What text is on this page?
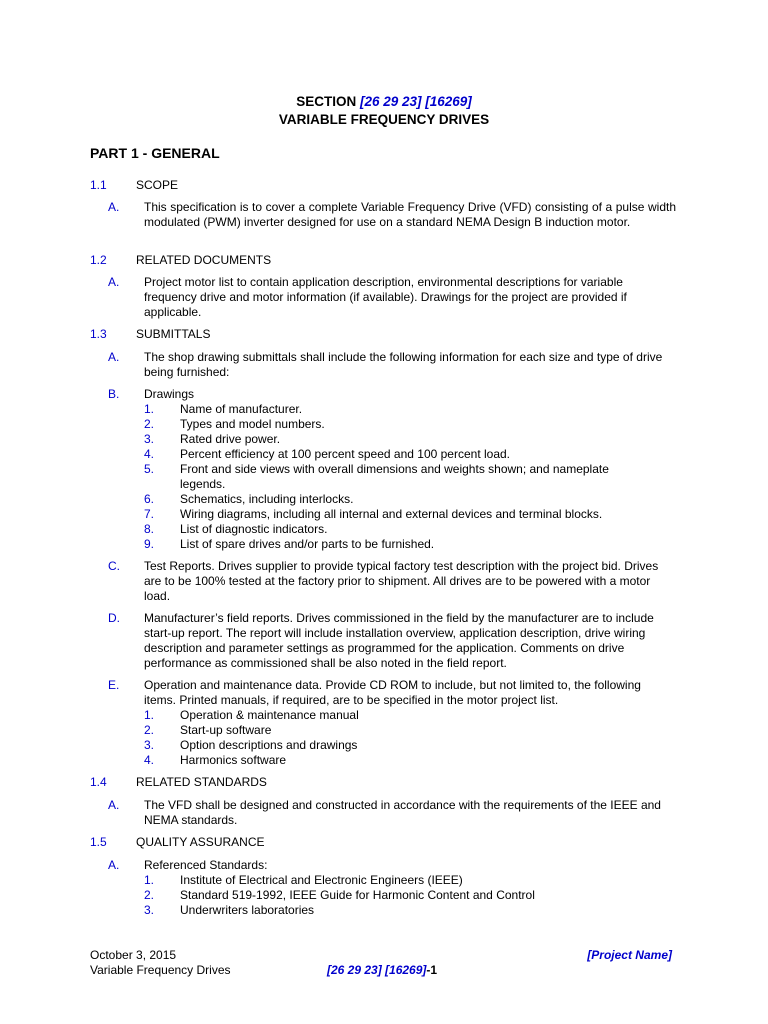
SECTION [26 29 23] [16269]
VARIABLE FREQUENCY DRIVES
PART 1 - GENERAL
1.1 SCOPE
A. This specification is to cover a complete Variable Frequency Drive (VFD) consisting of a pulse width modulated (PWM) inverter designed for use on a standard NEMA Design B induction motor.
1.2 RELATED DOCUMENTS
A. Project motor list to contain application description, environmental descriptions for variable frequency drive and motor information (if available). Drawings for the project are provided if applicable.
1.3 SUBMITTALS
A. The shop drawing submittals shall include the following information for each size and type of drive being furnished:
B. Drawings
1. Name of manufacturer.
2. Types and model numbers.
3. Rated drive power.
4. Percent efficiency at 100 percent speed and 100 percent load.
5. Front and side views with overall dimensions and weights shown; and nameplate legends.
6. Schematics, including interlocks.
7. Wiring diagrams, including all internal and external devices and terminal blocks.
8. List of diagnostic indicators.
9. List of spare drives and/or parts to be furnished.
C. Test Reports. Drives supplier to provide typical factory test description with the project bid. Drives are to be 100% tested at the factory prior to shipment. All drives are to be powered with a motor load.
D. Manufacturer’s field reports. Drives commissioned in the field by the manufacturer are to include start-up report. The report will include installation overview, application description, drive wiring description and parameter settings as programmed for the application. Comments on drive performance as commissioned shall be also noted in the field report.
E. Operation and maintenance data. Provide CD ROM to include, but not limited to, the following items. Printed manuals, if required, are to be specified in the motor project list.
1. Operation & maintenance manual
2. Start-up software
3. Option descriptions and drawings
4. Harmonics software
1.4 RELATED STANDARDS
A. The VFD shall be designed and constructed in accordance with the requirements of the IEEE and NEMA standards.
1.5 QUALITY ASSURANCE
A. Referenced Standards:
1. Institute of Electrical and Electronic Engineers (IEEE)
2. Standard 519-1992, IEEE Guide for Harmonic Content and Control
3. Underwriters laboratories
October 3, 2015
Variable Frequency Drives	[26 29 23] [16269]-1
[Project Name]
